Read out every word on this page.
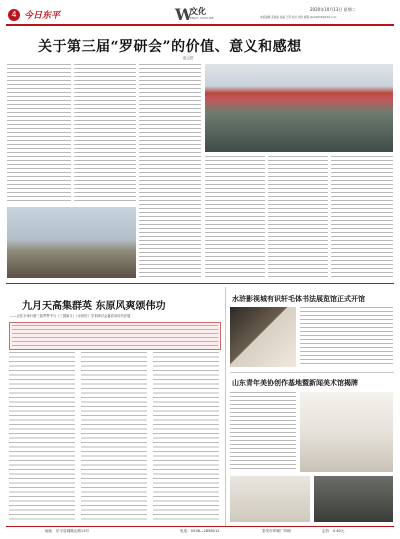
4 今日东平	W
文化
ENJOY CULTURE
2020年10月13日 星期二
本版编辑 张丽丽 美编 王玥 校对 刘涛 邮箱 jdsxl2018@126.com
关于第三届“罗研会”的价值、意义和感想
赵云贺
九月天高集群英 东原风爽颂伟功
——记东平举行第三届罗贯中与《三国演义》《水浒传》学术研讨会嘉宾诗词书法展
水浒影视城有识轩毛体书法展览馆正式开馆
山东青年美协创作基地暨新闻美术馆揭牌
地址：东平县城佛山路13号	电话：0538—2858012	泰安市印刷厂印刷	定价：0.40元
